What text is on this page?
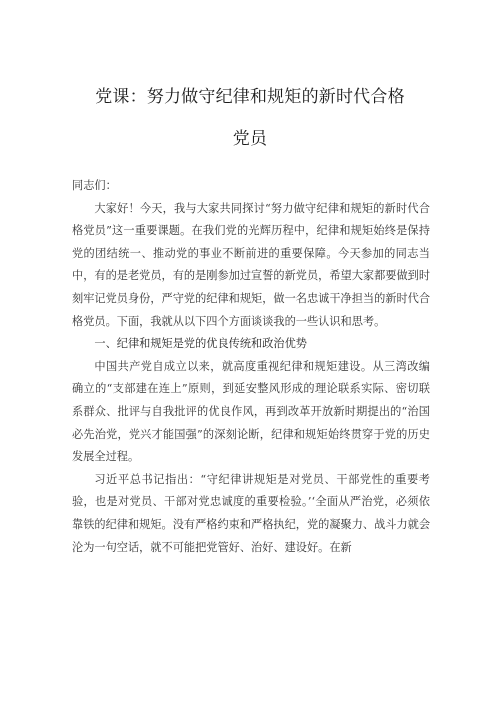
党课：努力做守纪律和规矩的新时代合格
党员

同志们：

大家好！今天，我与大家共同探讨“努力做守纪律和规矩的新时代合格党员”这一重要课题。在我们党的光辉历程中，纪律和规矩始终是保持党的团结统一、推动党的事业不断前进的重要保障。今天参加的同志当中，有的是老党员，有的是刚参加过宣誓的新党员，希望大家都要做到时刻牢记党员身份，严守党的纪律和规矩，做一名忠诚干净担当的新时代合格党员。下面，我就从以下四个方面谈谈我的一些认识和思考。

一、纪律和规矩是党的优良传统和政治优势

中国共产党自成立以来，就高度重视纪律和规矩建设。从三湾改编确立的“支部建在连上”原则，到延安整风形成的理论联系实际、密切联系群众、批评与自我批评的优良作风，再到改革开放新时期提出的“治国必先治党，党兴才能国强”的深刻论断，纪律和规矩始终贯穿于党的历史发展全过程。

习近平总书记指出：“守纪律讲规矩是对党员、干部党性的重要考验，也是对党员、干部对党忠诚度的重要检验。’‘全面从严治党，必须依靠铁的纪律和规矩。没有严格约束和严格执纪，党的凝聚力、战斗力就会沦为一句空话，就不可能把党管好、治好、建设好。在新
